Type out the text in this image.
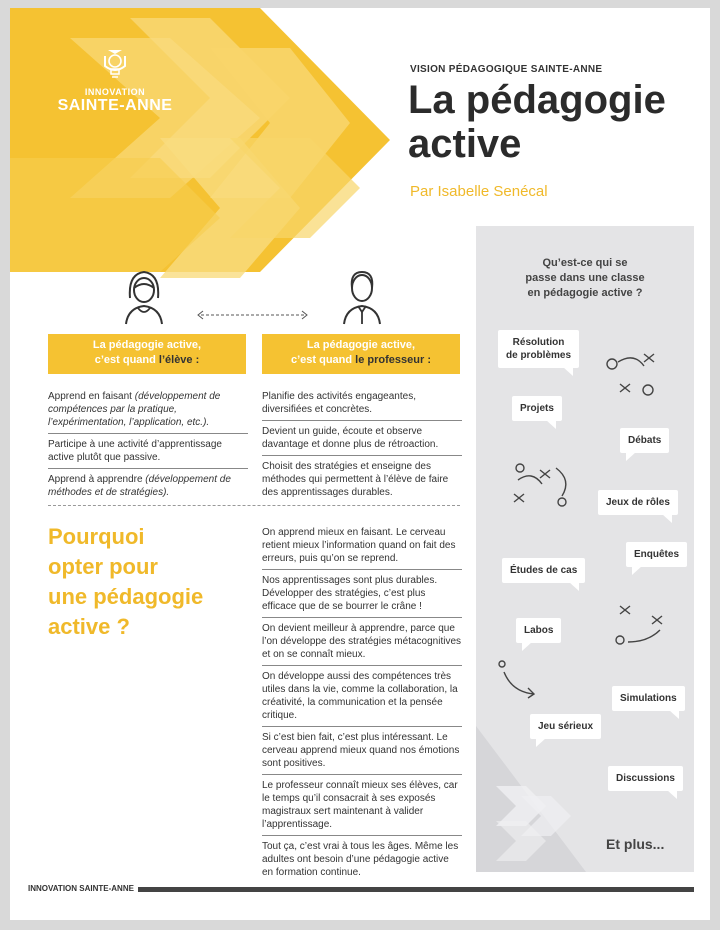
INNOVATION
SAINTE-ANNE
VISION PÉDAGOGIQUE SAINTE-ANNE
La pédagogie
active
Par Isabelle Senécal
La pédagogie active,
c’est quand l’élève :
La pédagogie active,
c’est quand le professeur :
Apprend en faisant (développement de compétences par la pratique, l’expérimentation, l’application, etc.).
Participe à une activité d’apprentissage active plutôt que passive.
Apprend à apprendre (développement de méthodes et de stratégies).
Planifie des activités engageantes, diversifiées et concrètes.
Devient un guide, écoute et observe davantage et donne plus de rétroaction.
Choisit des stratégies et enseigne des méthodes qui permettent à l’élève de faire des apprentissages durables.
Pourquoi
opter pour
une pédagogie
active ?
On apprend mieux en faisant. Le cerveau retient mieux l’information quand on fait des erreurs, puis qu’on se reprend.
Nos apprentissages sont plus durables. Développer des stratégies, c’est plus efficace que de se bourrer le crâne !
On devient meilleur à apprendre, parce que l’on développe des stratégies métacognitives et on se connaît mieux.
On développe aussi des compétences très utiles dans la vie, comme la collaboration, la créativité, la communication et la pensée critique.
Si c’est bien fait, c’est plus intéressant. Le cerveau apprend mieux quand nos émotions sont positives.
Le professeur connaît mieux ses élèves, car le temps qu’il consacrait à ses exposés magistraux sert maintenant à valider l’apprentissage.
Tout ça, c’est vrai à tous les âges. Même les adultes ont besoin d’une pédagogie active en formation continue.
Qu’est-ce qui se
passe dans une classe
en pédagogie active ?
Résolution
de problèmes
Projets
Débats
Jeux de rôles
Études de cas
Enquêtes
Labos
Simulations
Jeu sérieux
Discussions
Et plus...
INNOVATION SAINTE-ANNE
